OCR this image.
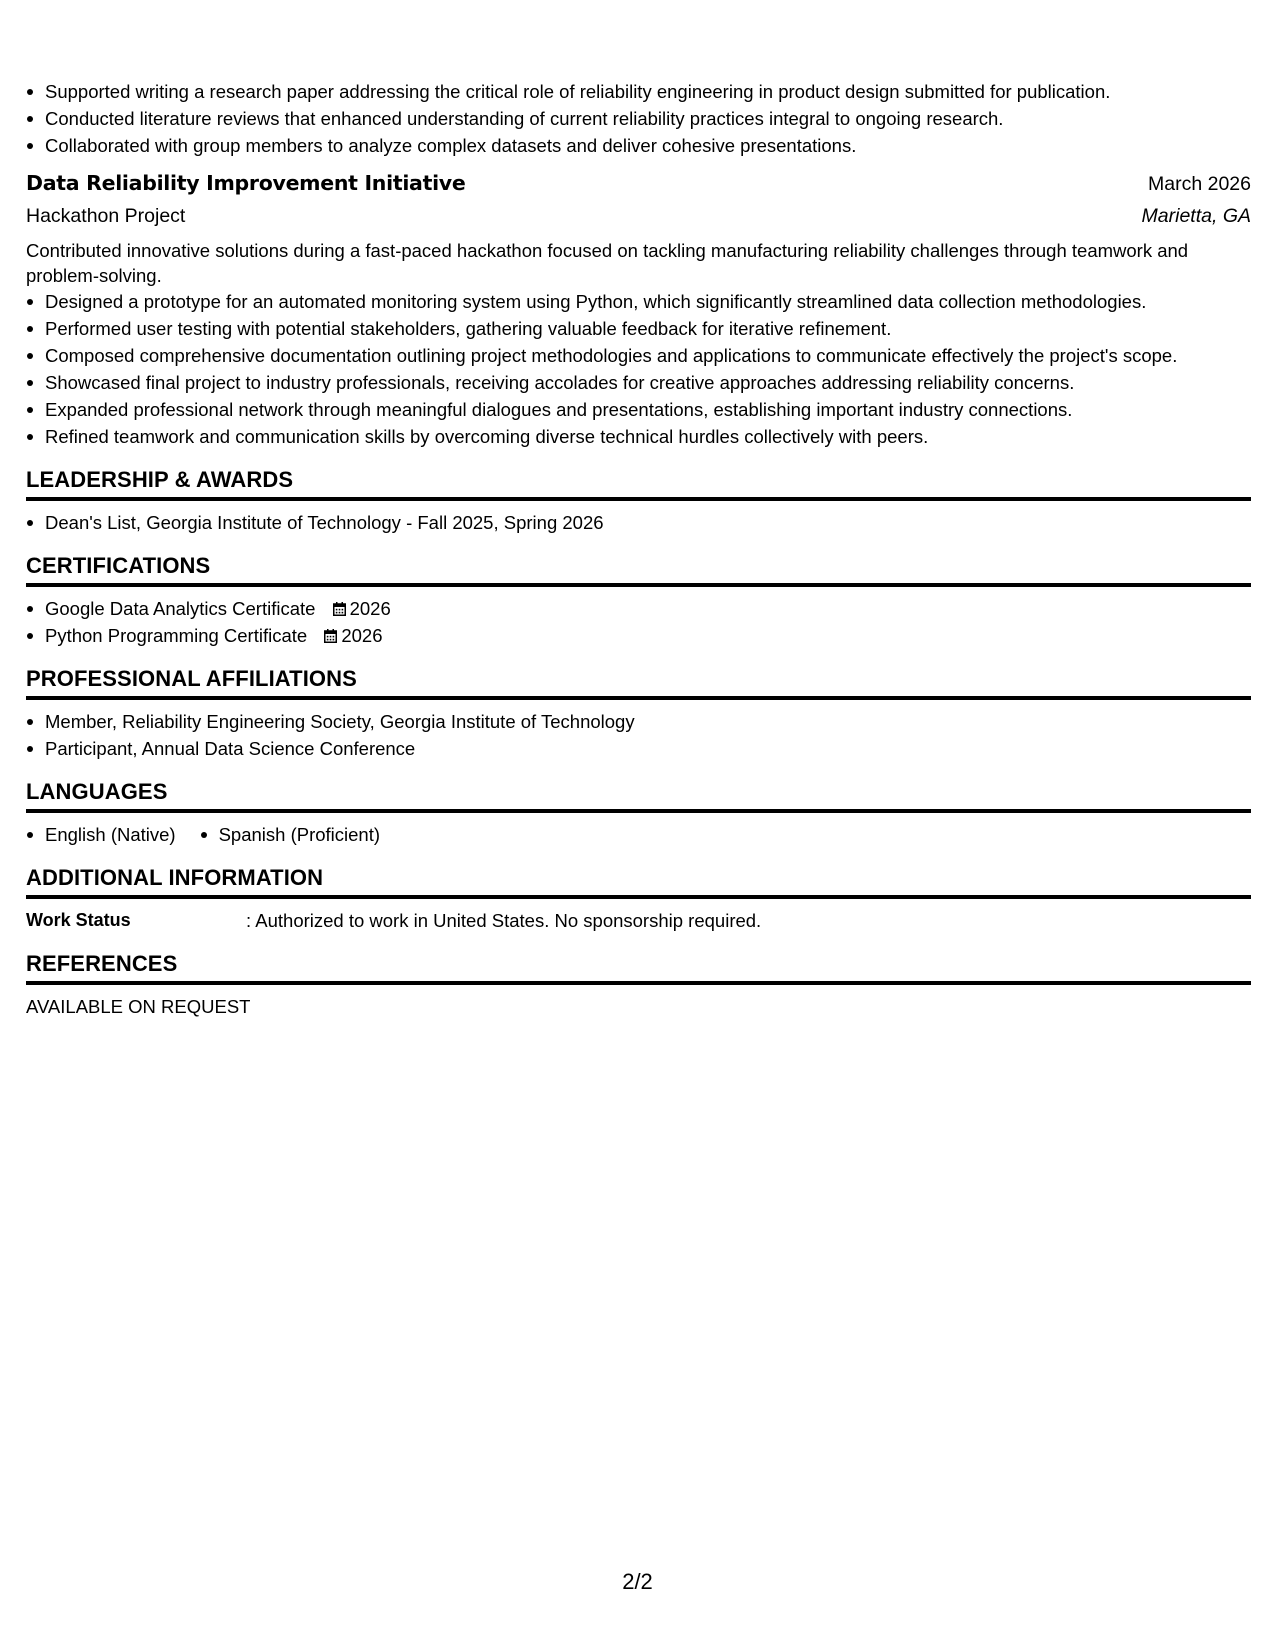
Supported writing a research paper addressing the critical role of reliability engineering in product design submitted for publication.
Conducted literature reviews that enhanced understanding of current reliability practices integral to ongoing research.
Collaborated with group members to analyze complex datasets and deliver cohesive presentations.
Data Reliability Improvement Initiative	March 2026
Hackathon Project	Marietta, GA
Contributed innovative solutions during a fast-paced hackathon focused on tackling manufacturing reliability challenges through teamwork and problem-solving.
Designed a prototype for an automated monitoring system using Python, which significantly streamlined data collection methodologies.
Performed user testing with potential stakeholders, gathering valuable feedback for iterative refinement.
Composed comprehensive documentation outlining project methodologies and applications to communicate effectively the project's scope.
Showcased final project to industry professionals, receiving accolades for creative approaches addressing reliability concerns.
Expanded professional network through meaningful dialogues and presentations, establishing important industry connections.
Refined teamwork and communication skills by overcoming diverse technical hurdles collectively with peers.
LEADERSHIP & AWARDS
Dean's List, Georgia Institute of Technology - Fall 2025, Spring 2026
CERTIFICATIONS
Google Data Analytics Certificate 2026
Python Programming Certificate 2026
PROFESSIONAL AFFILIATIONS
Member, Reliability Engineering Society, Georgia Institute of Technology
Participant, Annual Data Science Conference
LANGUAGES
English (Native)	Spanish (Proficient)
ADDITIONAL INFORMATION
Work Status	: Authorized to work in United States. No sponsorship required.
REFERENCES
AVAILABLE ON REQUEST
2/2
